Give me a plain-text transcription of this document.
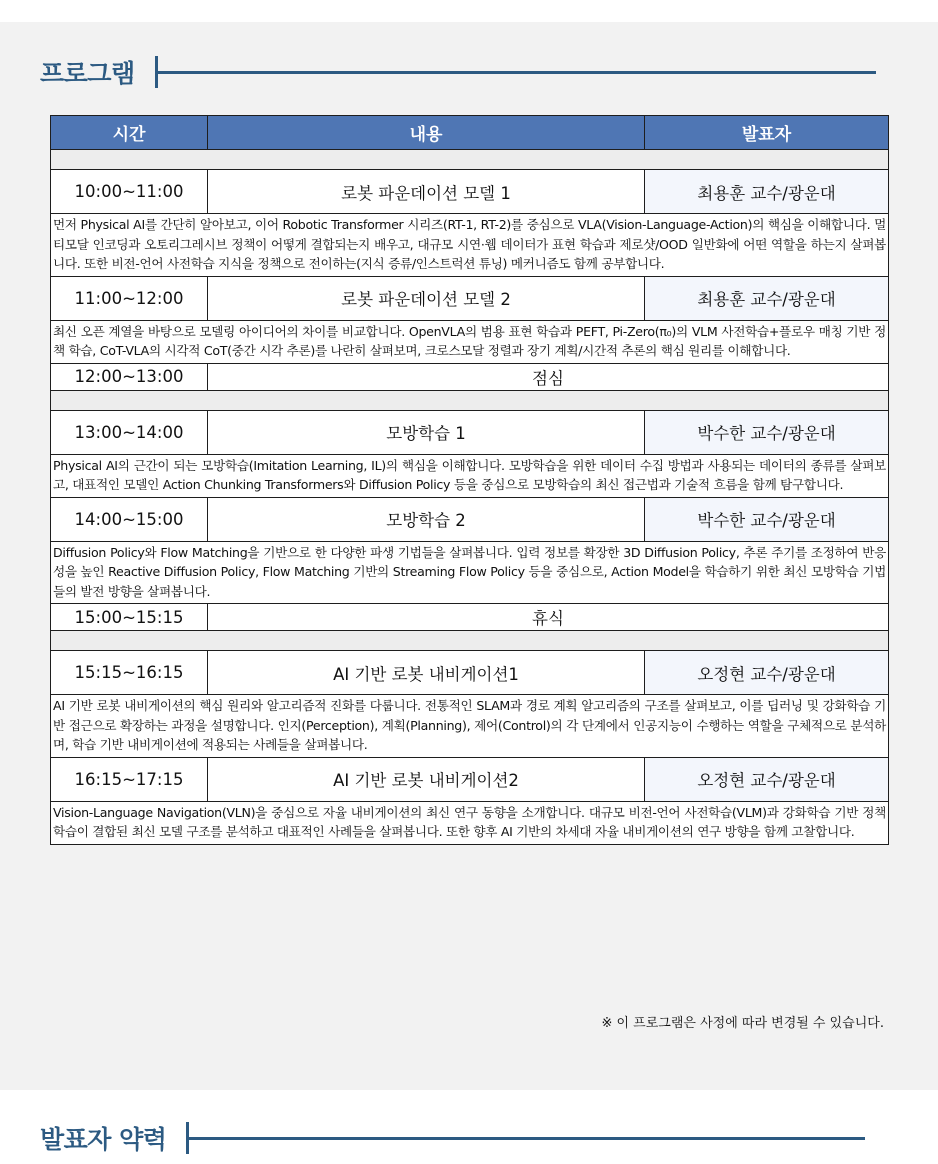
프로그램
시간	내용	발표자

10:00~11:00	로봇 파운데이션 모델 1	최용훈 교수/광운대
먼저 Physical AI를 간단히 알아보고, 이어 Robotic Transformer 시리즈(RT-1, RT-2)를 중심으로 VLA(Vision-Language-Action)의 핵심을 이해합니다. 멀티모달 인코딩과 오토리그레시브 정책이 어떻게 결합되는지 배우고, 대규모 시연·웹 데이터가 표현 학습과 제로샷/OOD 일반화에 어떤 역할을 하는지 살펴봅니다. 또한 비전-언어 사전학습 지식을 정책으로 전이하는(지식 증류/인스트럭션 튜닝) 메커니즘도 함께 공부합니다.		
11:00~12:00	로봇 파운데이션 모델 2	최용훈 교수/광운대
최신 오픈 계열을 바탕으로 모델링 아이디어의 차이를 비교합니다. OpenVLA의 범용 표현 학습과 PEFT, Pi-Zero(π₀)의 VLM 사전학습+플로우 매칭 기반 정책 학습, CoT-VLA의 시각적 CoT(중간 시각 추론)를 나란히 살펴보며, 크로스모달 정렬과 장기 계획/시간적 추론의 핵심 원리를 이해합니다.		
12:00~13:00	점심	

13:00~14:00	모방학습 1	박수한 교수/광운대
Physical AI의 근간이 되는 모방학습(Imitation Learning, IL)의 핵심을 이해합니다. 모방학습을 위한 데이터 수집 방법과 사용되는 데이터의 종류를 살펴보고, 대표적인 모델인 Action Chunking Transformers와 Diffusion Policy 등을 중심으로 모방학습의 최신 접근법과 기술적 흐름을 함께 탐구합니다.		
14:00~15:00	모방학습 2	박수한 교수/광운대
Diffusion Policy와 Flow Matching을 기반으로 한 다양한 파생 기법들을 살펴봅니다. 입력 정보를 확장한 3D Diffusion Policy, 추론 주기를 조정하여 반응성을 높인 Reactive Diffusion Policy, Flow Matching 기반의 Streaming Flow Policy 등을 중심으로, Action Model을 학습하기 위한 최신 모방학습 기법들의 발전 방향을 살펴봅니다.		
15:00~15:15	휴식	

15:15~16:15	AI 기반 로봇 내비게이션1	오정현 교수/광운대
AI 기반 로봇 내비게이션의 핵심 원리와 알고리즘적 진화를 다룹니다. 전통적인 SLAM과 경로 계획 알고리즘의 구조를 살펴보고, 이를 딥러닝 및 강화학습 기반 접근으로 확장하는 과정을 설명합니다. 인지(Perception), 계획(Planning), 제어(Control)의 각 단계에서 인공지능이 수행하는 역할을 구체적으로 분석하며, 학습 기반 내비게이션에 적용되는 사례들을 살펴봅니다.		
16:15~17:15	AI 기반 로봇 내비게이션2	오정현 교수/광운대
Vision-Language Navigation(VLN)을 중심으로 자율 내비게이션의 최신 연구 동향을 소개합니다. 대규모 비전-언어 사전학습(VLM)과 강화학습 기반 정책 학습이 결합된 최신 모델 구조를 분석하고 대표적인 사례들을 살펴봅니다. 또한 향후 AI 기반의 차세대 자율 내비게이션의 연구 방향을 함께 고찰합니다.		
※ 이 프로그램은 사정에 따라 변경될 수 있습니다.
발표자 약력
